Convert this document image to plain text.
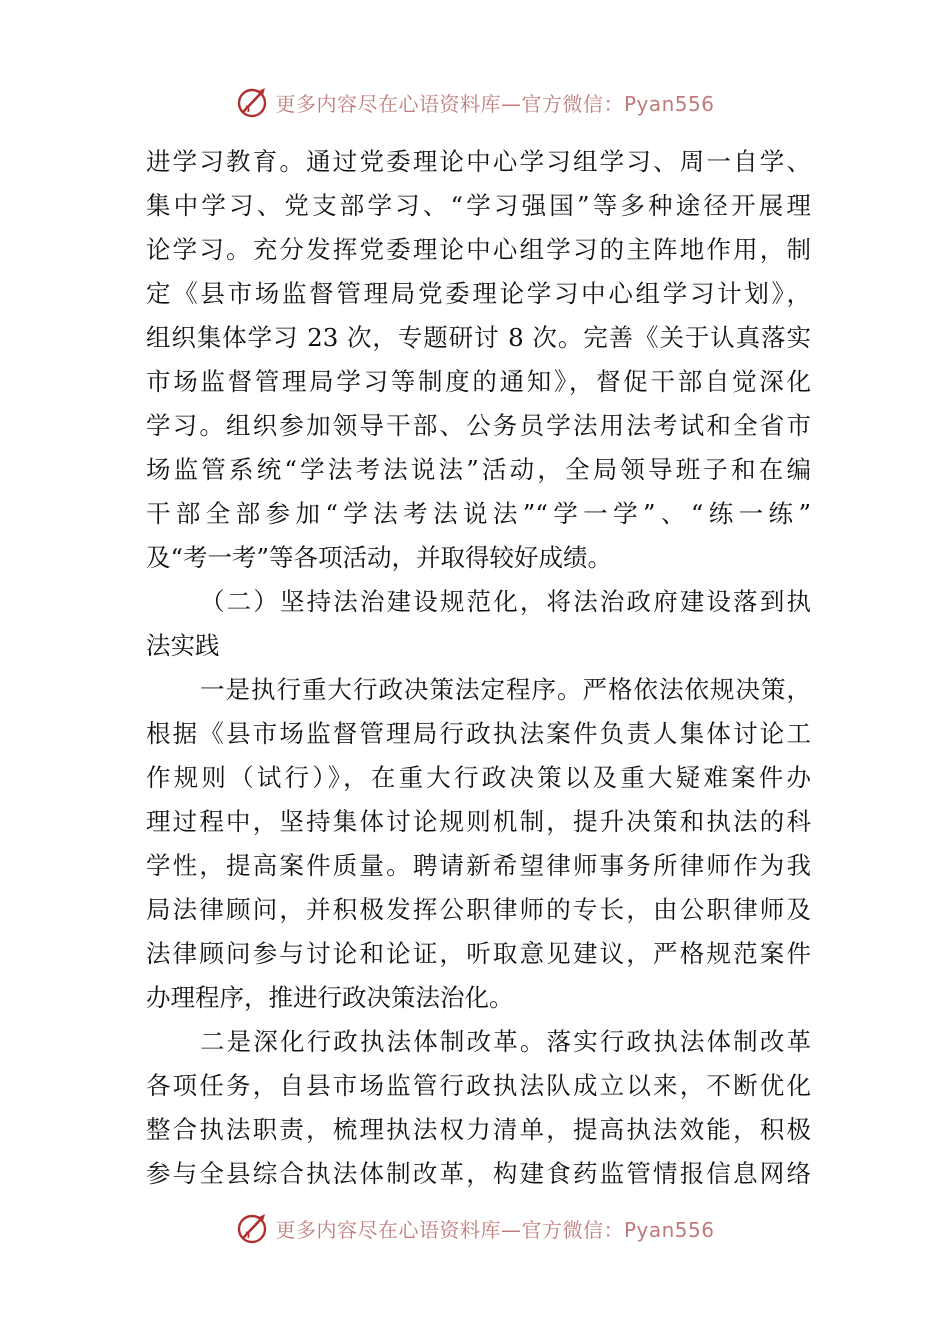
更多内容尽在心语资料库—官方微信：Pyan556
进学习教育。通过党委理论中心学习组学习、周一自学、
集中学习、党支部学习、“学习强国”等多种途径开展理
论学习。充分发挥党委理论中心组学习的主阵地作用，制
定《县市场监督管理局党委理论学习中心组学习计划》，
组织集体学习 23 次，专题研讨 8 次。完善《关于认真落实
市场监督管理局学习等制度的通知》，督促干部自觉深化
学习。组织参加领导干部、公务员学法用法考试和全省市
场监管系统“学法考法说法”活动，全局领导班子和在编
干部全部参加“学法考法说法”“学一学”、“练一练”
及“考一考”等各项活动，并取得较好成绩。
（二）坚持法治建设规范化，将法治政府建设落到执
法实践
一是执行重大行政决策法定程序。严格依法依规决策，
根据《县市场监督管理局行政执法案件负责人集体讨论工
作规则（试行）》，在重大行政决策以及重大疑难案件办
理过程中，坚持集体讨论规则机制，提升决策和执法的科
学性，提高案件质量。聘请新希望律师事务所律师作为我
局法律顾问，并积极发挥公职律师的专长，由公职律师及
法律顾问参与讨论和论证，听取意见建议，严格规范案件
办理程序，推进行政决策法治化。
二是深化行政执法体制改革。落实行政执法体制改革
各项任务，自县市场监管行政执法队成立以来，不断优化
整合执法职责，梳理执法权力清单，提高执法效能，积极
参与全县综合执法体制改革，构建食药监管情报信息网络
更多内容尽在心语资料库—官方微信：Pyan556
